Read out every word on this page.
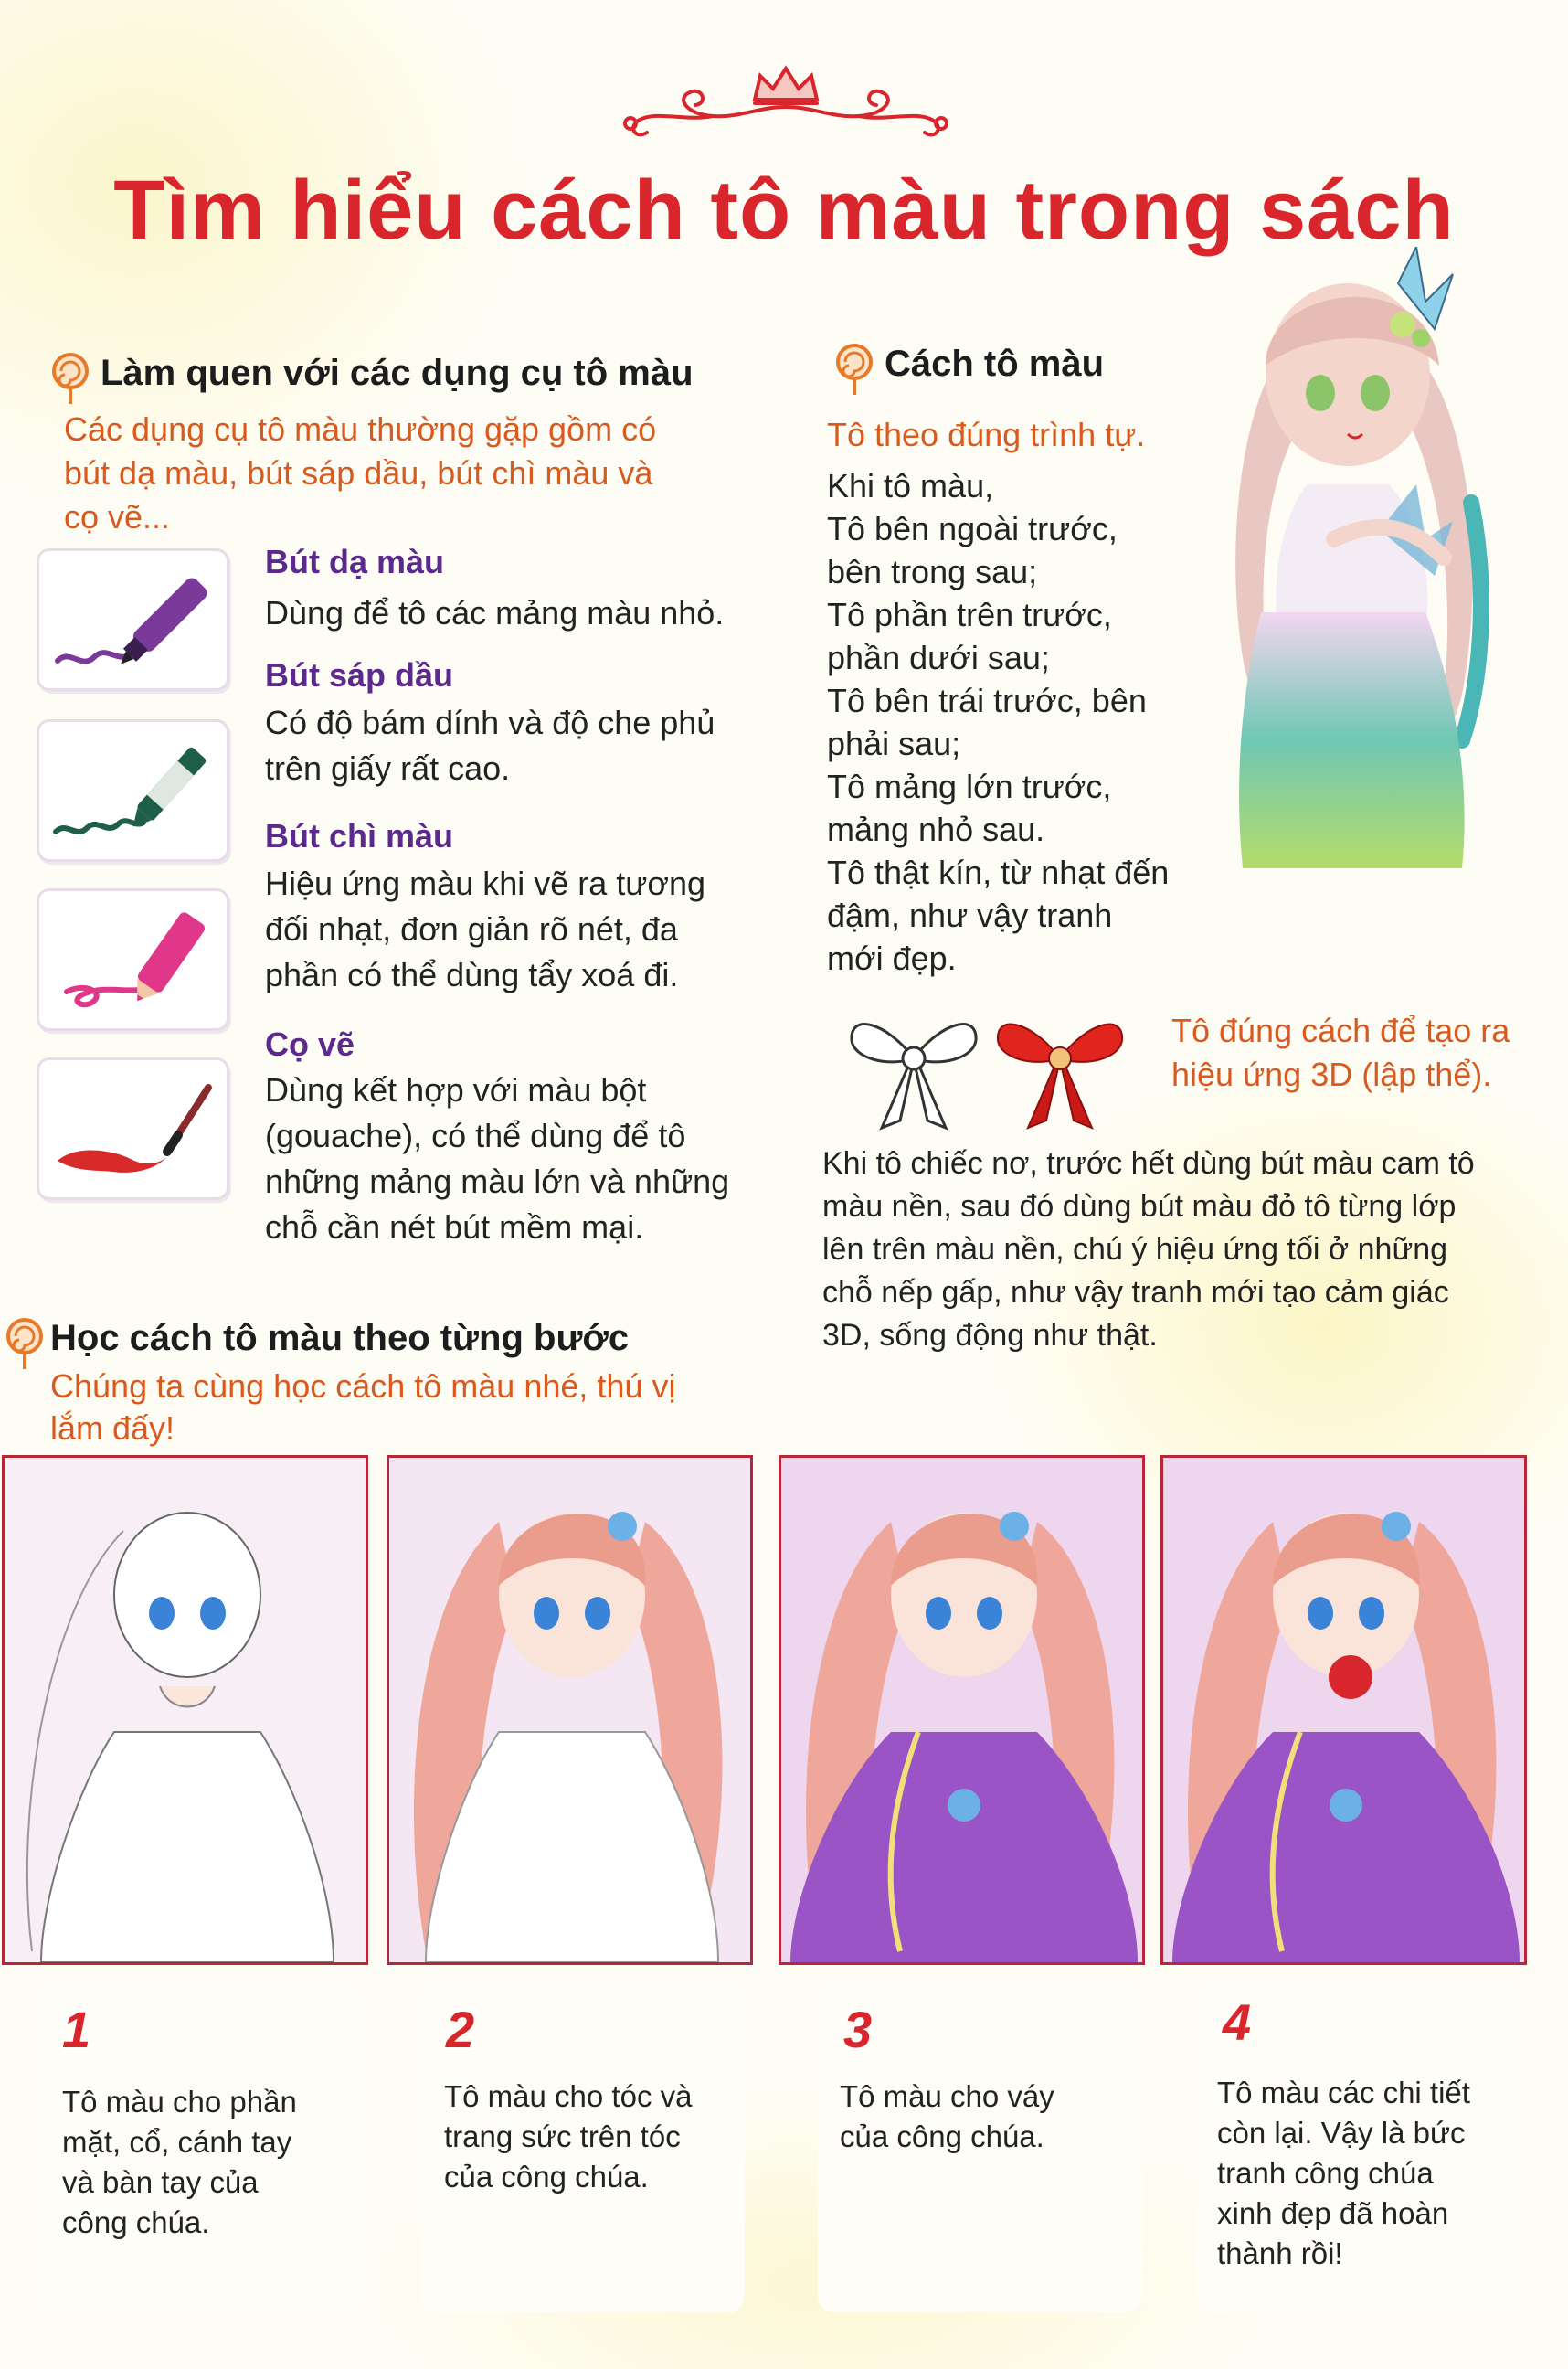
Tìm hiểu cách tô màu trong sách
Làm quen với các dụng cụ tô màu
Các dụng cụ tô màu thường gặp gồm có
bút dạ màu, bút sáp dầu, bút chì màu và
cọ vẽ...
Bút dạ màu
Dùng để tô các mảng màu nhỏ.
Bút sáp dầu
Có độ bám dính và độ che phủ
trên giấy rất cao.
Bút chì màu
Hiệu ứng màu khi vẽ ra tương
đối nhạt, đơn giản rõ nét, đa
phần có thể dùng tẩy xoá đi.
Cọ vẽ
Dùng kết hợp với màu bột
(gouache), có thể dùng để tô
những mảng màu lớn và những
chỗ cần nét bút mềm mại.
Cách tô màu
Tô theo đúng trình tự.
Khi tô màu,
Tô bên ngoài trước,
bên trong sau;
Tô phần trên trước,
phần dưới sau;
Tô bên trái trước, bên
phải sau;
Tô mảng lớn trước,
mảng nhỏ sau.
Tô thật kín, từ nhạt đến
đậm, như vậy tranh
mới đẹp.
Tô đúng cách để tạo ra
hiệu ứng 3D (lập thể).
Khi tô chiếc nơ, trước hết dùng bút màu cam tô
màu nền, sau đó dùng bút màu đỏ tô từng lớp
lên trên màu nền, chú ý hiệu ứng tối ở những
chỗ nếp gấp, như vậy tranh mới tạo cảm giác
3D, sống động như thật.
Học cách tô màu theo từng bước
Chúng ta cùng học cách tô màu nhé, thú vị
lắm đấy!
1
Tô màu cho phần
mặt, cổ, cánh tay
và bàn tay của
công chúa.
2
Tô màu cho tóc và
trang sức trên tóc
của công chúa.
3
Tô màu cho váy
của công chúa.
4
Tô màu các chi tiết
còn lại. Vậy là bức
tranh công chúa
xinh đẹp đã hoàn
thành rồi!
